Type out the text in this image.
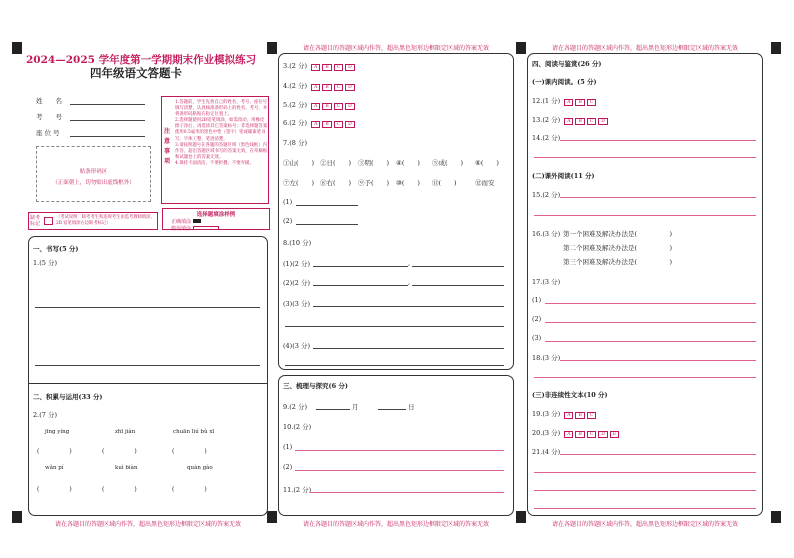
2024—2025 学年度第一学期期末作业模拟练习
四年级语文答题卡
姓　　名
考　　号
座 位 号
贴条形码区
（正面朝上，切勿贴出虚线框外）
注意事项
1.答题前，学生先将自己的姓名、考号、座位号填写清楚，认真核准条形码上的姓名、考号，并将条形码粘贴在指定位置上。
2.选择题使用2B铅笔填涂，如需改动，用橡皮擦干净后，再选涂其它答案标号；非选择题答案使用0.5毫米的黑色中性（签字）笔或碳素笔书写，字体工整、笔迹清楚。
3.请按照题号在各题的答题区域（黑色线框）内作答，超出答题区域书写的答案无效，在草稿纸和试题卷上的答案无效。
4.保持卡面清洁，不要折叠、不要弄破。
缺考标记
（考试说明：缺考考生和违规考生由监考教师填涂，2B 铅笔填涂右边缺考标记）
选择题填涂样例
正确填涂
错误填涂
一、书写(5 分)
1.(5 分)
二、积累与运用(33 分)
2.(7 分)
jīng yíng	zhī jiàn	chuān liú bù xī
(　　　　　)	(　　　　　)	(　　　　　)
wǎn pí	kuì biàn	quàn gào
(　　　　　)	(　　　　　)	(　　　　　)
请在各题目的答题区域内作答，超出黑色矩形边框限定区域的答案无效
请在各题目的答题区域内作答，超出黑色矩形边框限定区域的答案无效
3.(2 分) A B C D
4.(2 分) A B C D
5.(2 分) A B C D
6.(2 分) A B C D
7.(8 分)
①山(　　) ②日(　　) ③明(　　) ④(　　) ⑤成(　　) ⑥(　　)
⑦左(　　) ⑧右(　　) ⑨予(　　) ⑩(　　) ⑪(　　)	⑫而安
(1)
(2)
8.(10 分)
(1)(2 分)	,
(2)(2 分)	,
(3)(3 分)
(4)(3 分)
三、梳理与探究(6 分)
9.(2 分)	月	日
10.(2 分)
(1)
(2)
11.(2 分)
请在各题目的答题区域内作答，超出黑色矩形边框限定区域的答案无效
请在各题目的答题区域内作答，超出黑色矩形边框限定区域的答案无效
四、阅读与鉴赏(26 分)
(一)课内阅读。(5 分)
12.(1 分) A B C
13.(2 分) A B C D
14.(2 分)
(二)课外阅读(11 分)
15.(2 分)
16.(3 分) 第一个困难及解决办法是(　　　　　)
第二个困难及解决办法是(　　　　　)
第三个困难及解决办法是(　　　　　)
17.(3 分)
(1)
(2)
(3)
18.(3 分)
(三)非连续性文本(10 分)
19.(3 分) A B C
20.(3 分) A B C D E
21.(4 分)
请在各题目的答题区域内作答，超出黑色矩形边框限定区域的答案无效
